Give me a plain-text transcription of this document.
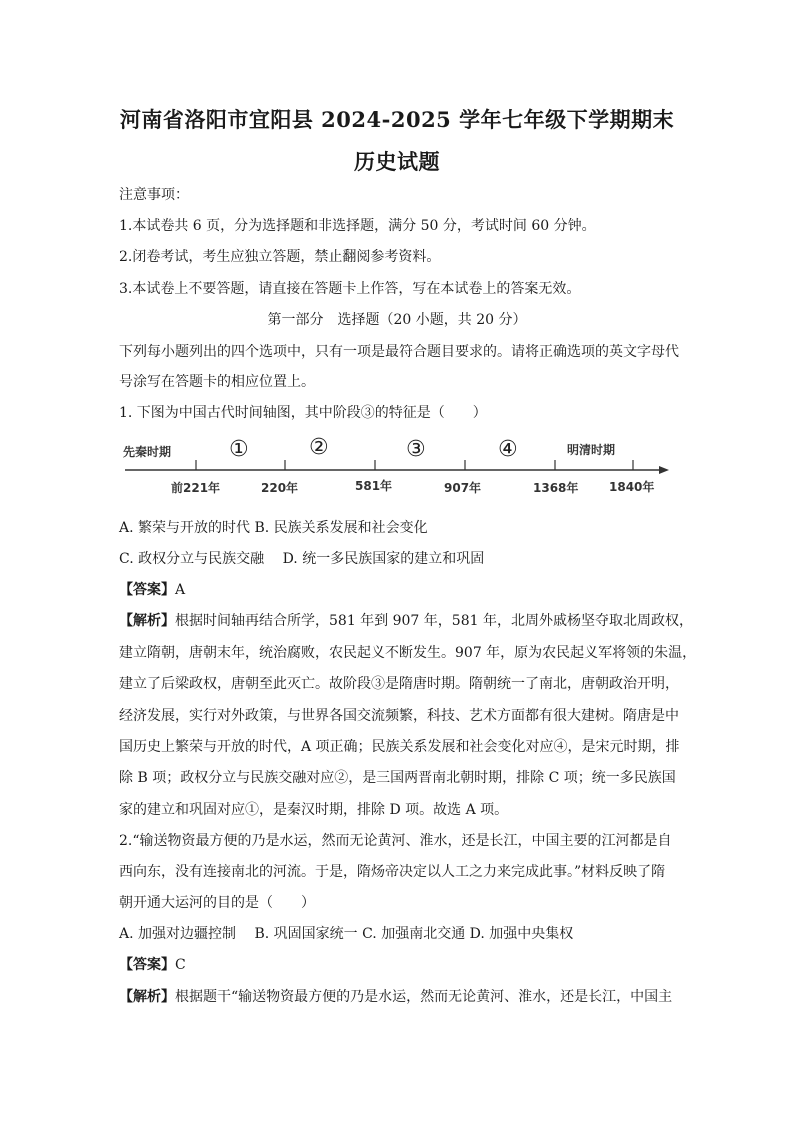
河南省洛阳市宜阳县 2024-2025 学年七年级下学期期末
历史试题
注意事项：
1.本试卷共 6 页，分为选择题和非选择题，满分 50 分，考试时间 60 分钟。
2.闭卷考试，考生应独立答题，禁止翻阅参考资料。
3.本试卷上不要答题，请直接在答题卡上作答，写在本试卷上的答案无效。
第一部分　选择题（20 小题，共 20 分）
下列每小题列出的四个选项中，只有一项是最符合题目要求的。请将正确选项的英文字母代
号涂写在答题卡的相应位置上。
1. 下图为中国古代时间轴图，其中阶段③的特征是（　　）
先秦时期	明清时期
①	②	③	④
前221年	220年	581年	907年	1368年	1840年
A. 繁荣与开放的时代 B. 民族关系发展和社会变化
C. 政权分立与民族交融　 D. 统一多民族国家的建立和巩固
【答案】A
【解析】根据时间轴再结合所学，581 年到 907 年，581 年，北周外戚杨坚夺取北周政权，
建立隋朝，唐朝末年，统治腐败，农民起义不断发生。907 年，原为农民起义军将领的朱温，
建立了后梁政权，唐朝至此灭亡。故阶段③是隋唐时期。隋朝统一了南北，唐朝政治开明，
经济发展，实行对外政策，与世界各国交流频繁，科技、艺术方面都有很大建树。隋唐是中
国历史上繁荣与开放的时代，A 项正确；民族关系发展和社会变化对应④，是宋元时期，排
除 B 项；政权分立与民族交融对应②，是三国两晋南北朝时期，排除 C 项；统一多民族国
家的建立和巩固对应①，是秦汉时期，排除 D 项。故选 A 项。
2.“输送物资最方便的乃是水运，然而无论黄河、淮水，还是长江，中国主要的江河都是自
西向东，没有连接南北的河流。于是，隋炀帝决定以人工之力来完成此事。”材料反映了隋
朝开通大运河的目的是（　　）
A. 加强对边疆控制　 B. 巩固国家统一 C. 加强南北交通 D. 加强中央集权
【答案】C
【解析】根据题干“输送物资最方便的乃是水运，然而无论黄河、淮水，还是长江，中国主
